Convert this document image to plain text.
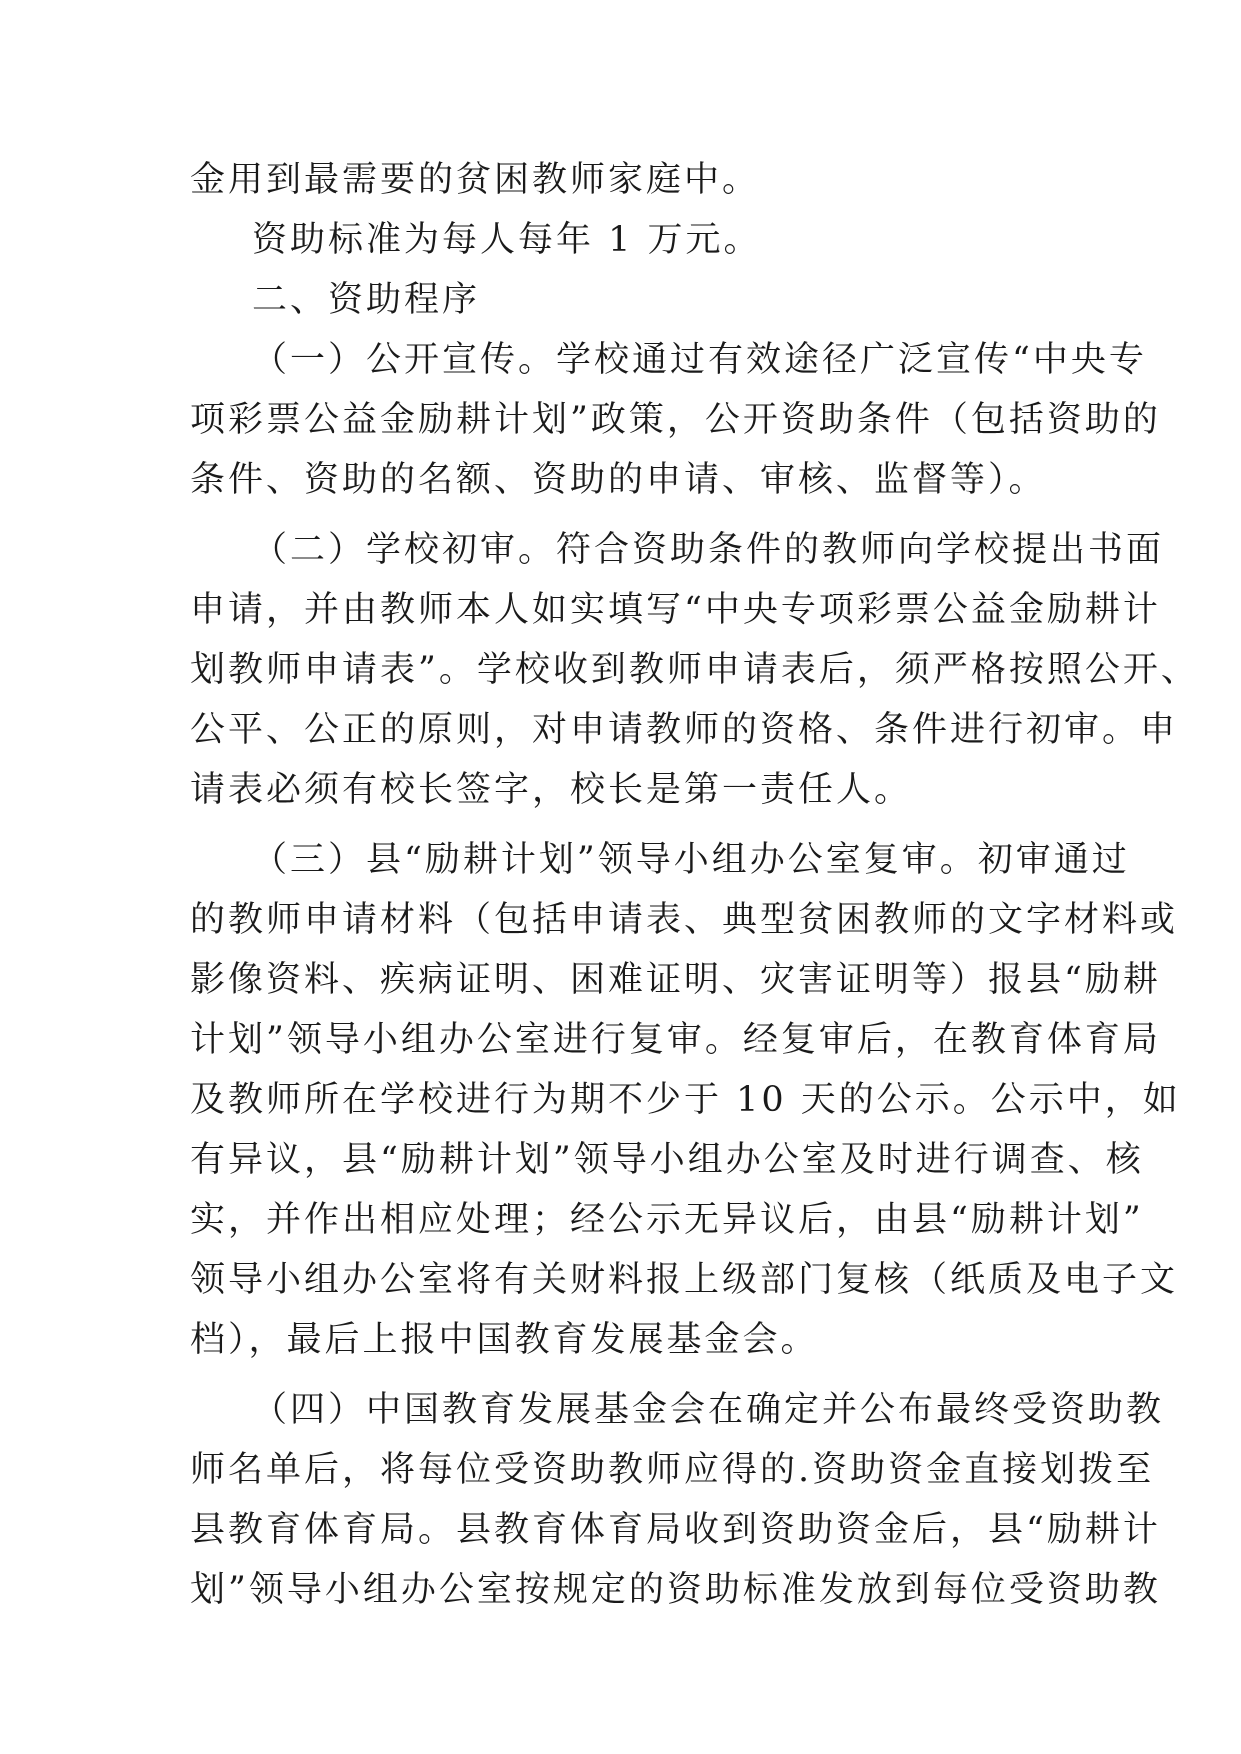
金用到最需要的贫困教师家庭中。
资助标准为每人每年 1 万元。
二、资助程序
（一）公开宣传。学校通过有效途径广泛宣传“中央专
项彩票公益金励耕计划”政策，公开资助条件（包括资助的
条件、资助的名额、资助的申请、审核、监督等）。
（二）学校初审。符合资助条件的教师向学校提出书面
申请，并由教师本人如实填写“中央专项彩票公益金励耕计
划教师申请表”。学校收到教师申请表后，须严格按照公开、
公平、公正的原则，对申请教师的资格、条件进行初审。申
请表必须有校长签字，校长是第一责任人。
（三）县“励耕计划”领导小组办公室复审。初审通过
的教师申请材料（包括申请表、典型贫困教师的文字材料或
影像资料、疾病证明、困难证明、灾害证明等）报县“励耕
计划”领导小组办公室进行复审。经复审后，在教育体育局
及教师所在学校进行为期不少于 10 天的公示。公示中，如
有异议，县“励耕计划”领导小组办公室及时进行调查、核
实，并作出相应处理；经公示无异议后，由县“励耕计划”
领导小组办公室将有关财料报上级部门复核（纸质及电子文
档），最后上报中国教育发展基金会。
（四）中国教育发展基金会在确定并公布最终受资助教
师名单后，将每位受资助教师应得的.资助资金直接划拨至
县教育体育局。县教育体育局收到资助资金后，县“励耕计
划”领导小组办公室按规定的资助标准发放到每位受资助教
